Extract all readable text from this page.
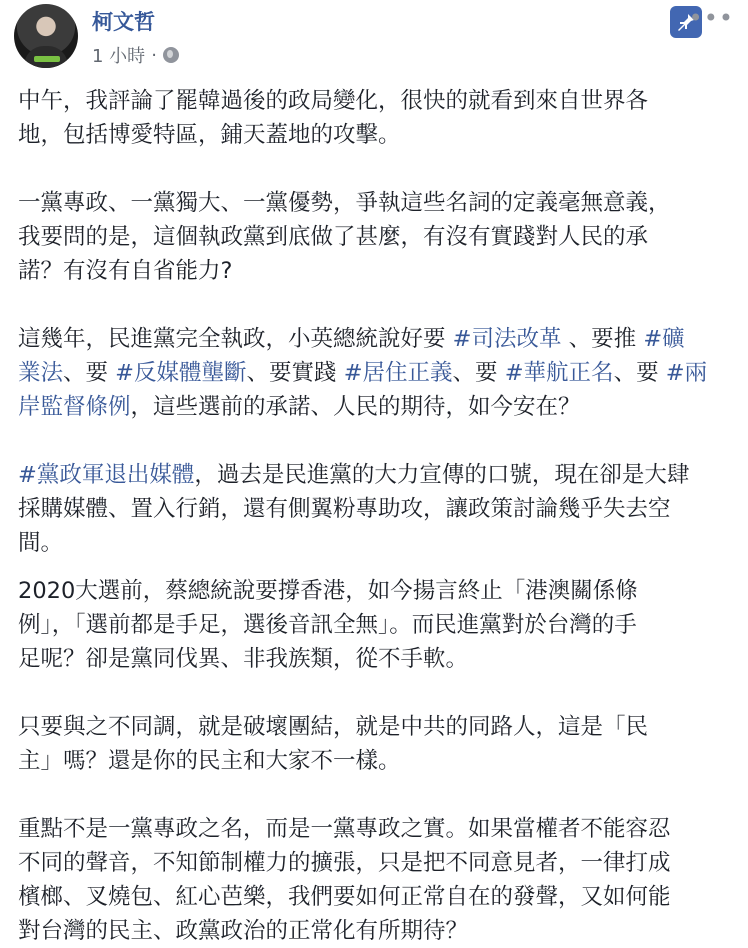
柯文哲
1 小時 ·
•••
中午，我評論了罷韓過後的政局變化，很快的就看到來自世界各
地，包括博愛特區，鋪天蓋地的攻擊。
一黨專政、一黨獨大、一黨優勢，爭執這些名詞的定義毫無意義，
我要問的是，這個執政黨到底做了甚麼，有沒有實踐對人民的承
諾？有沒有自省能力?
這幾年，民進黨完全執政，小英總統說好要 #司法改革 、要推 #礦
業法、要 #反媒體壟斷、要實踐 #居住正義、要 #華航正名、要 #兩
岸監督條例，這些選前的承諾、人民的期待，如今安在？
#黨政軍退出媒體，過去是民進黨的大力宣傳的口號，現在卻是大肆
採購媒體、置入行銷，還有側翼粉專助攻，讓政策討論幾乎失去空
間。
2020大選前，蔡總統說要撐香港，如今揚言終止「港澳關係條
例」，「選前都是手足，選後音訊全無」。而民進黨對於台灣的手
足呢？卻是黨同伐異、非我族類，從不手軟。
只要與之不同調，就是破壞團結，就是中共的同路人，這是「民
主」嗎？還是你的民主和大家不一樣。
重點不是一黨專政之名，而是一黨專政之實。如果當權者不能容忍
不同的聲音，不知節制權力的擴張，只是把不同意見者，一律打成
檳榔、叉燒包、紅心芭樂，我們要如何正常自在的發聲，又如何能
對台灣的民主、政黨政治的正常化有所期待？
